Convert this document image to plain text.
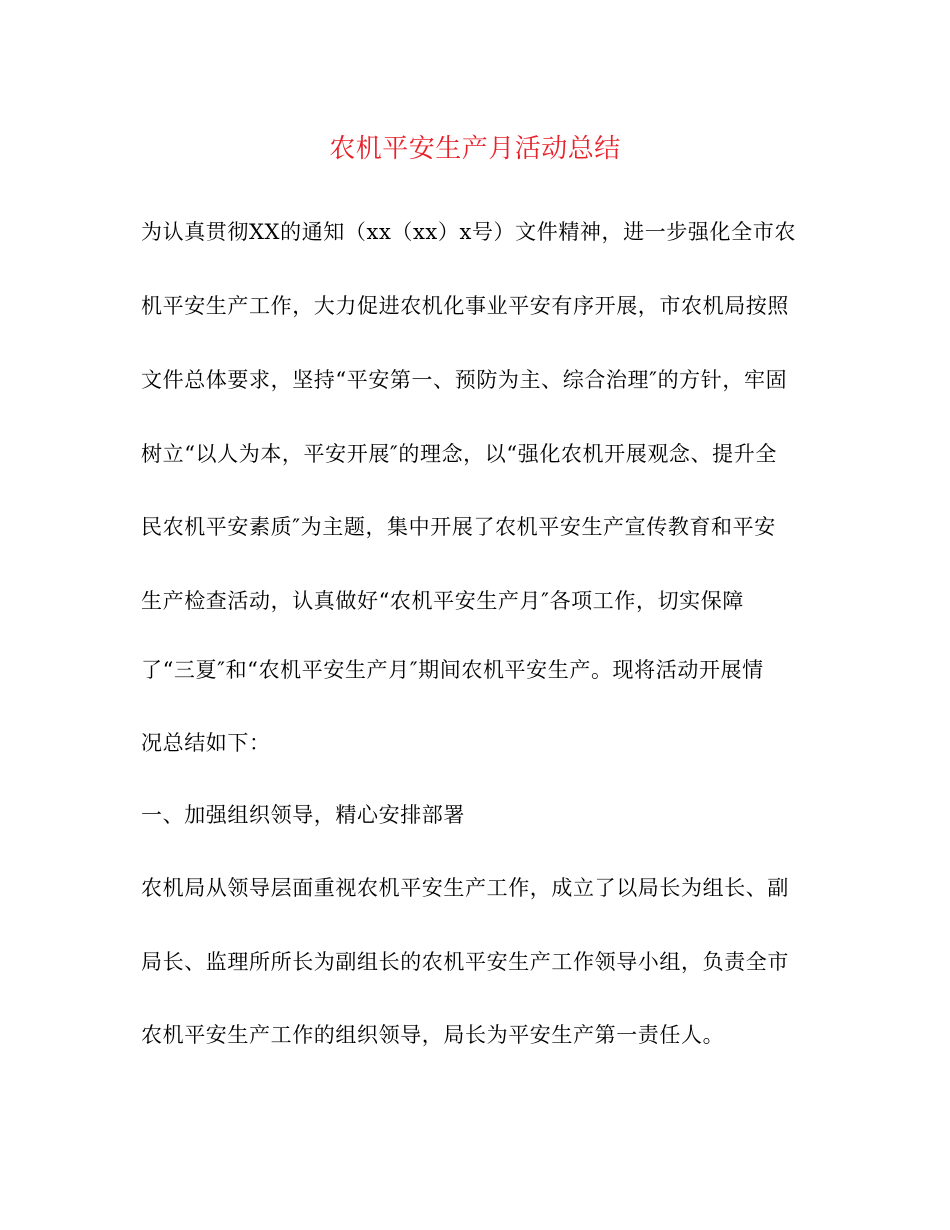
农机平安生产月活动总结
为认真贯彻XX的通知（xx（xx）x号）文件精神，进一步强化全市农
机平安生产工作，大力促进农机化事业平安有序开展，市农机局按照
文件总体要求，坚持“平安第一、预防为主、综合治理″的方针，牢固
树立“以人为本，平安开展″的理念，以“强化农机开展观念、提升全
民农机平安素质″为主题，集中开展了农机平安生产宣传教育和平安
生产检查活动，认真做好“农机平安生产月″各项工作，切实保障
了“三夏″和“农机平安生产月″期间农机平安生产。现将活动开展情
况总结如下：
一、加强组织领导，精心安排部署
农机局从领导层面重视农机平安生产工作，成立了以局长为组长、副
局长、监理所所长为副组长的农机平安生产工作领导小组，负责全市
农机平安生产工作的组织领导，局长为平安生产第一责任人。
